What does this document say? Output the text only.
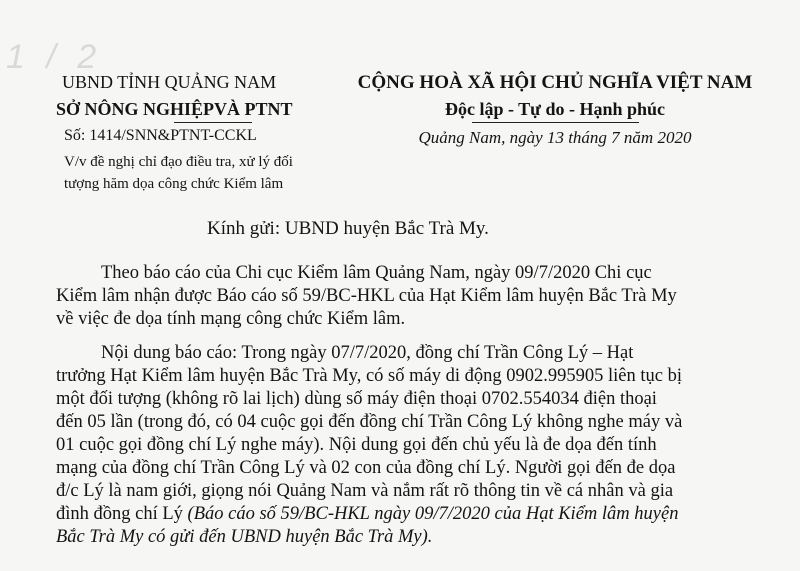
1 / 2
UBND TỈNH QUẢNG NAM
SỞ NÔNG NGHIỆPVÀ PTNT
Số: 1414/SNN&PTNT-CCKL
V/v đề nghị chỉ đạo điều tra, xử lý đối
tượng hăm dọa công chức Kiểm lâm
CỘNG HOÀ XÃ HỘI CHỦ NGHĨA VIỆT NAM
Độc lập - Tự do - Hạnh phúc
Quảng Nam, ngày 13 tháng 7 năm 2020
Kính gửi: UBND huyện Bắc Trà My.
Theo báo cáo của Chi cục Kiểm lâm Quảng Nam, ngày 09/7/2020 Chi cục
Kiểm lâm nhận được Báo cáo số 59/BC-HKL của Hạt Kiểm lâm huyện Bắc Trà My
về việc đe dọa tính mạng công chức Kiểm lâm.
Nội dung báo cáo: Trong ngày 07/7/2020, đồng chí Trần Công Lý – Hạt
trưởng Hạt Kiểm lâm huyện Bắc Trà My, có số máy di động 0902.995905 liên tục bị
một đối tượng (không rõ lai lịch) dùng số máy điện thoại 0702.554034 điện thoại
đến 05 lần (trong đó, có 04 cuộc gọi đến đồng chí Trần Công Lý không nghe máy và
01 cuộc gọi đồng chí Lý nghe máy). Nội dung gọi đến chủ yếu là đe dọa đến tính
mạng của đồng chí Trần Công Lý và 02 con của đồng chí Lý. Người gọi đến đe dọa
đ/c Lý là nam giới, giọng nói Quảng Nam và nắm rất rõ thông tin về cá nhân và gia
đình đồng chí Lý (Báo cáo số 59/BC-HKL ngày 09/7/2020 của Hạt Kiểm lâm huyện
Bắc Trà My có gửi đến UBND huyện Bắc Trà My).
